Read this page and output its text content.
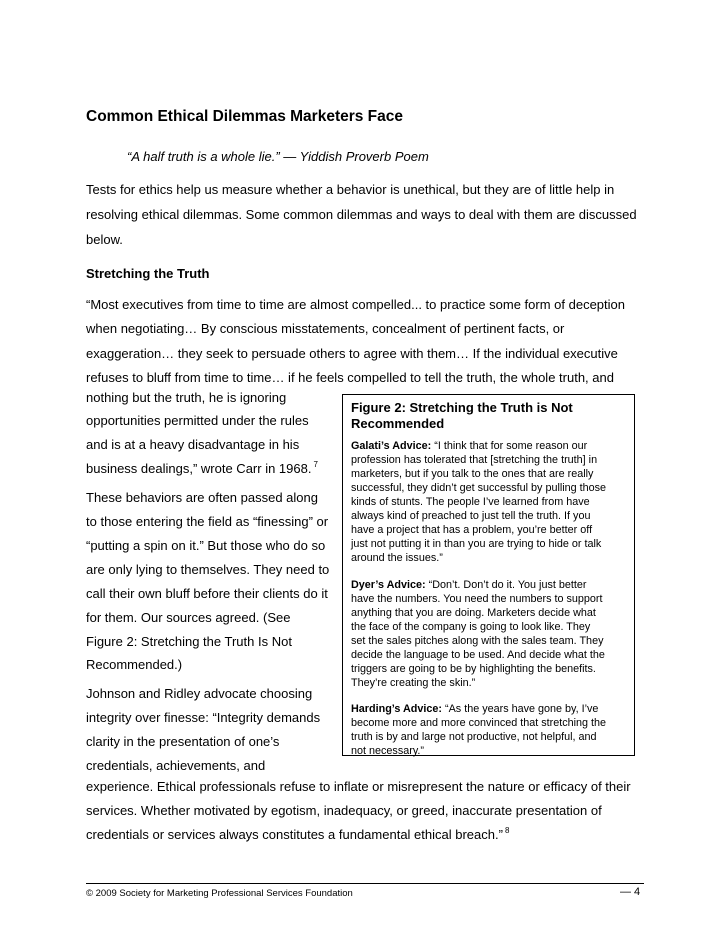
Common Ethical Dilemmas Marketers Face
“A half truth is a whole lie.” — Yiddish Proverb Poem
Tests for ethics help us measure whether a behavior is unethical, but they are of little help in
resolving ethical dilemmas. Some common dilemmas and ways to deal with them are discussed
below.
Stretching the Truth
“Most executives from time to time are almost compelled... to practice some form of deception
when negotiating… By conscious misstatements, concealment of pertinent facts, or
exaggeration… they seek to persuade others to agree with them… If the individual executive
refuses to bluff from time to time… if he feels compelled to tell the truth, the whole truth, and
nothing but the truth, he is ignoring
opportunities permitted under the rules
and is at a heavy disadvantage in his
business dealings,” wrote Carr in 1968. $^7$
These behaviors are often passed along
to those entering the field as “finessing” or
“putting a spin on it.” But those who do so
are only lying to themselves. They need to
call their own bluff before their clients do it
for them. Our sources agreed. (See
Figure 2: Stretching the Truth Is Not
Recommended.)
Johnson and Ridley advocate choosing
integrity over finesse: “Integrity demands
clarity in the presentation of one’s
credentials, achievements, and
experience. Ethical professionals refuse to inflate or misrepresent the nature or efficacy of their
services. Whether motivated by egotism, inadequacy, or greed, inaccurate presentation of
credentials or services always constitutes a fundamental ethical breach.” $^8$
Figure 2: Stretching the Truth is Not
Recommended
Galati’s Advice: “I think that for some reason our
profession has tolerated that [stretching the truth] in
marketers, but if you talk to the ones that are really
successful, they didn’t get successful by pulling those
kinds of stunts. The people I’ve learned from have
always kind of preached to just tell the truth. If you
have a project that has a problem, you’re better off
just not putting it in than you are trying to hide or talk
around the issues.”
Dyer’s Advice: “Don’t. Don’t do it. You just better
have the numbers. You need the numbers to support
anything that you are doing. Marketers decide what
the face of the company is going to look like. They
set the sales pitches along with the sales team. They
decide the language to be used. And decide what the
triggers are going to be by highlighting the benefits.
They’re creating the skin.”
Harding’s Advice: “As the years have gone by, I’ve
become more and more convinced that stretching the
truth is by and large not productive, not helpful, and
not necessary.”
© 2009 Society for Marketing Professional Services Foundation	— 4
